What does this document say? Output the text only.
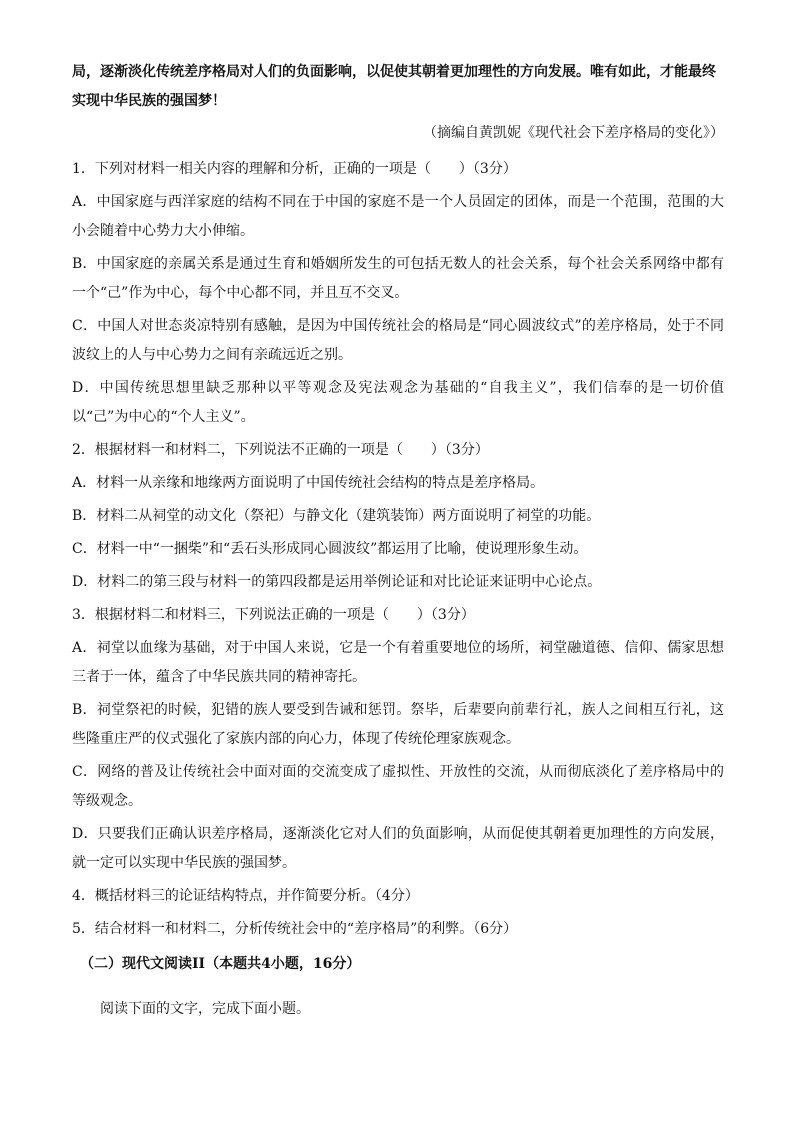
局，逐渐淡化传统差序格局对人们的负面影响，以促使其朝着更加理性的方向发展。唯有如此，才能最终

实现中华民族的强国梦！

（摘编自黄凯妮《现代社会下差序格局的变化》）

1．下列对材料一相关内容的理解和分析，正确的一项是（　　）（3分）

A．中国家庭与西洋家庭的结构不同在于中国的家庭不是一个人员固定的团体，而是一个范围，范围的大小会随着中心势力大小伸缩。

B．中国家庭的亲属关系是通过生育和婚姻所发生的可包括无数人的社会关系，每个社会关系网络中都有一个“己”作为中心，每个中心都不同，并且互不交叉。

C．中国人对世态炎凉特别有感触，是因为中国传统社会的格局是“同心圆波纹式”的差序格局，处于不同波纹上的人与中心势力之间有亲疏远近之别。

D．中国传统思想里缺乏那种以平等观念及宪法观念为基础的“自我主义”，我们信奉的是一切价值以“己”为中心的“个人主义”。

2．根据材料一和材料二，下列说法不正确的一项是（　　）（3分）

A．材料一从亲缘和地缘两方面说明了中国传统社会结构的特点是差序格局。

B．材料二从祠堂的动文化（祭祀）与静文化（建筑装饰）两方面说明了祠堂的功能。

C．材料一中“一捆柴”和“丢石头形成同心圆波纹”都运用了比喻，使说理形象生动。

D．材料二的第三段与材料一的第四段都是运用举例论证和对比论证来证明中心论点。

3．根据材料二和材料三，下列说法正确的一项是（　　）（3分）

A．祠堂以血缘为基础，对于中国人来说，它是一个有着重要地位的场所，祠堂融道德、信仰、儒家思想三者于一体，蕴含了中华民族共同的精神寄托。

B．祠堂祭祀的时候，犯错的族人要受到告诫和惩罚。祭毕，后辈要向前辈行礼，族人之间相互行礼，这些隆重庄严的仪式强化了家族内部的向心力，体现了传统伦理家族观念。

C．网络的普及让传统社会中面对面的交流变成了虚拟性、开放性的交流，从而彻底淡化了差序格局中的等级观念。

D．只要我们正确认识差序格局，逐渐淡化它对人们的负面影响，从而促使其朝着更加理性的方向发展，就一定可以实现中华民族的强国梦。

4．概括材料三的论证结构特点，并作简要分析。（4分）

5．结合材料一和材料二，分析传统社会中的“差序格局”的利弊。（6分）

（二）现代文阅读II（本题共4小题，16分）
阅读下面的文字，完成下面小题。
